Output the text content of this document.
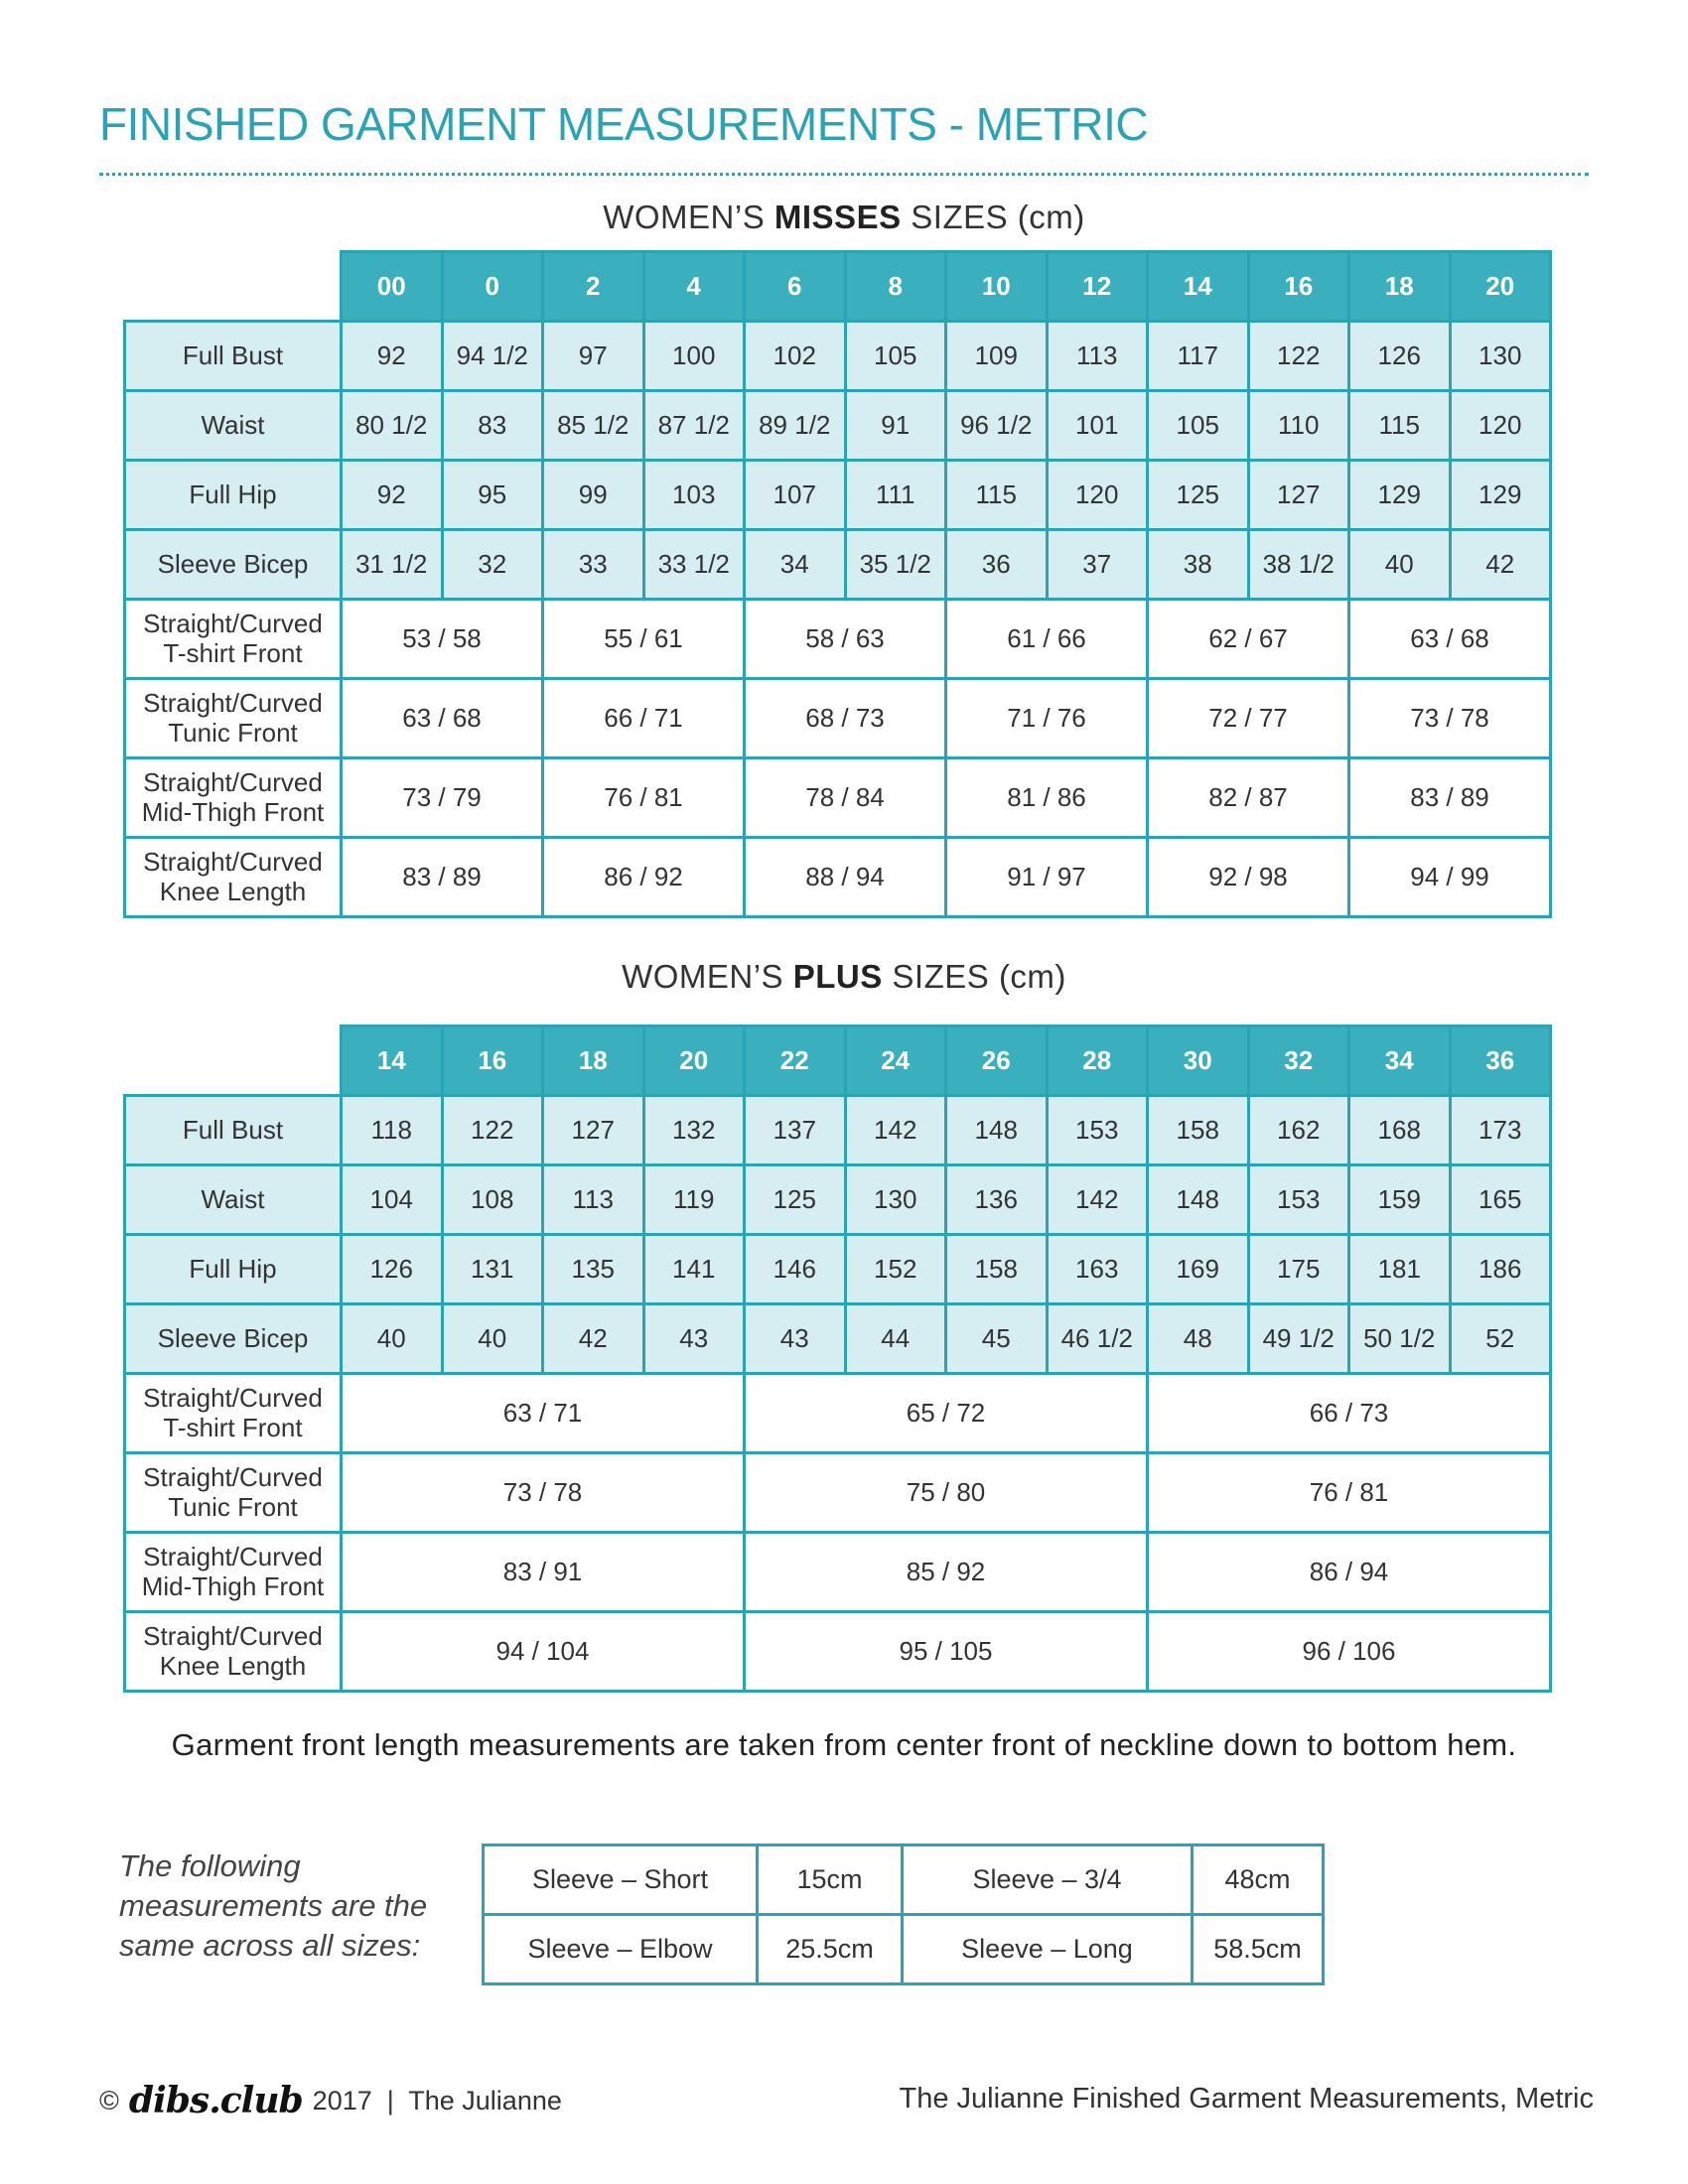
FINISHED GARMENT MEASUREMENTS - METRIC
WOMEN’S MISSES SIZES (cm)
	00	0	2	4	6	8	10	12	14	16	18	20
Full Bust	92	94 1/2	97	100	102	105	109	113	117	122	126	130
Waist	80 1/2	83	85 1/2	87 1/2	89 1/2	91	96 1/2	101	105	110	115	120
Full Hip	92	95	99	103	107	111	115	120	125	127	129	129
Sleeve Bicep	31 1/2	32	33	33 1/2	34	35 1/2	36	37	38	38 1/2	40	42

Straight/Curved
T-shirt Front	53 / 58		55 / 61		58 / 63		61 / 66		62 / 67		63 / 68	

Straight/Curved
Tunic Front	63 / 68		66 / 71		68 / 73		71 / 76		72 / 77		73 / 78	

Straight/Curved
Mid-Thigh Front	73 / 79		76 / 81		78 / 84		81 / 86		82 / 87		83 / 89	

Straight/Curved
Knee Length	83 / 89		86 / 92		88 / 94		91 / 97		92 / 98		94 / 99	
WOMEN’S PLUS SIZES (cm)
	14	16	18	20	22	24	26	28	30	32	34	36
Full Bust	118	122	127	132	137	142	148	153	158	162	168	173
Waist	104	108	113	119	125	130	136	142	148	153	159	165
Full Hip	126	131	135	141	146	152	158	163	169	175	181	186
Sleeve Bicep	40	40	42	43	43	44	45	46 1/2	48	49 1/2	50 1/2	52

Straight/Curved
T-shirt Front	63 / 71				65 / 72				66 / 73			

Straight/Curved
Tunic Front	73 / 78				75 / 80				76 / 81			

Straight/Curved
Mid-Thigh Front	83 / 91				85 / 92				86 / 94			

Straight/Curved
Knee Length	94 / 104				95 / 105				96 / 106			
Garment front length measurements are taken from center front of neckline down to bottom hem.
The following measurements are the same across all sizes:
Sleeve – Short	15cm	Sleeve – 3/4	48cm
Sleeve – Elbow	25.5cm	Sleeve – Long	58.5cm
© dibs.club 2017  |  The Julianne	The Julianne Finished Garment Measurements, Metric
